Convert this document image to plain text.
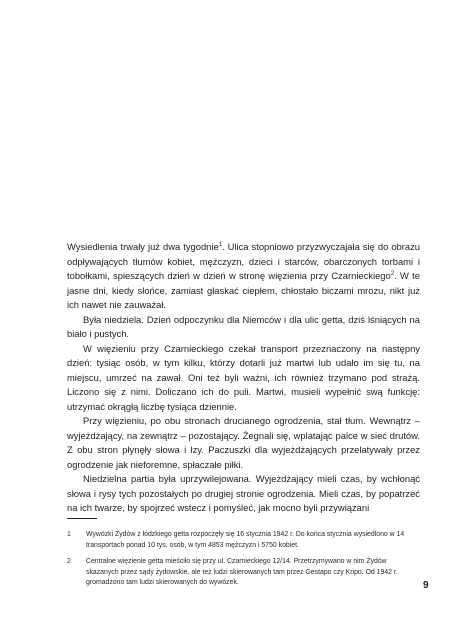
Wysiedlenia trwały już dwa tygodnie$^1$. Ulica stopniowo przyzwyczajała się do obrazu odpływających tłumów kobiet, mężczyzn, dzieci i starców, obarczonych torbami i tobołkami, spieszących dzień w dzień w stronę więzienia przy Czarnieckiego$^2$. W te jasne dni, kiedy słońce, zamiast głaskać ciepłem, chłostało biczami mrozu, nikt już ich nawet nie zauważał.

Była niedziela. Dzień odpoczynku dla Niemców i dla ulic getta, dziś lśniących na biało i pustych.

W więzieniu przy Czarnieckiego czekał transport przeznaczony na następny dzień: tysiąc osób, w tym kilku, którzy dotarli już martwi lub udało im się tu, na miejscu, umrzeć na zawał. Oni też byli ważni, ich również trzymano pod strażą. Liczono się z nimi. Doliczano ich do puli. Martwi, musieli wypełnić swą funkcję: utrzymać okrągłą liczbę tysiąca dziennie.

Przy więzieniu, po obu stronach drucianego ogrodzenia, stał tłum. Wewnątrz – wyjeżdżający, na zewnątrz – pozostający. Żegnali się, wplatając palce w sieć drutów. Z obu stron płynęły słowa i łzy. Paczuszki dla wyjeżdżających przelatywały przez ogrodzenie jak nieforemne, spłaczałe piłki.

Niedzielna partia była uprzywilejowana. Wyjeżdżający mieli czas, by wchłonąć słowa i rysy tych pozostałych po drugiej stronie ogrodzenia. Mieli czas, by popatrzeć na ich twarze, by spojrzeć wstecz i pomyśleć, jak mocno byli przywiązani

1	Wywózki Żydów z łódzkiego getta rozpoczęły się 16 stycznia 1942 r. Do końca stycznia wysiedlono w 14 transportach ponad 10 tys. osób, w tym 4853 mężczyzn i 5750 kobiet.
2	Centralne więzienie getta mieściło się przy ul. Czarnieckiego 12/14. Przetrzymywano w nim Żydów skazanych przez sądy żydowskie, ale też ludzi skierowanych tam przez Gestapo czy Kripo. Od 1942 r. gromadzono tam ludzi skierowanych do wywózek.	9
